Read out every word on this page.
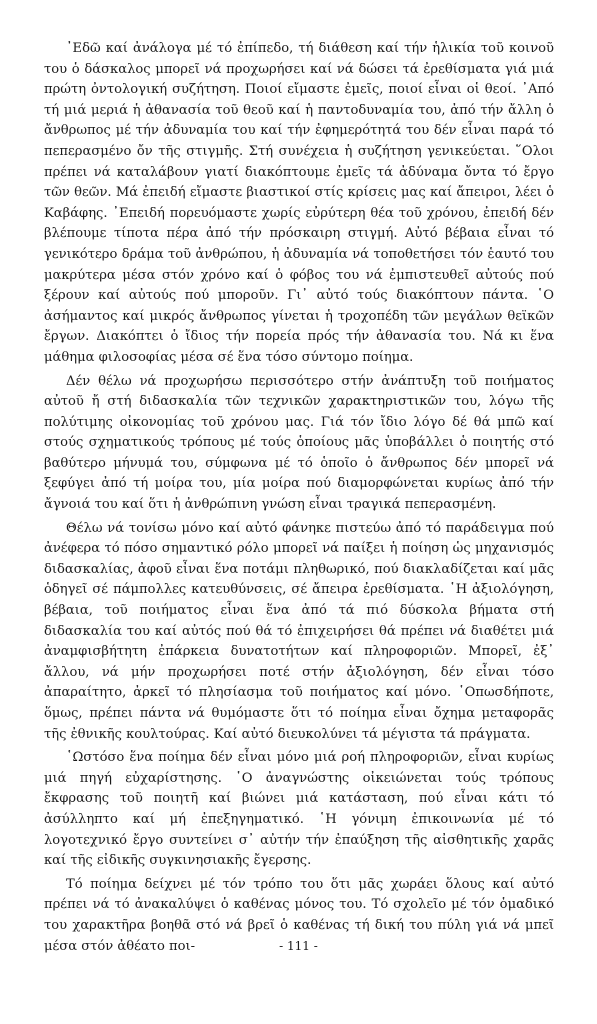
᾿Εδῶ καί ἀνάλογα μέ τό ἐπίπεδο, τή διάθεση καί τήν ἡλικία τοῦ κοινοῦ του ὁ δάσκαλος μπορεῖ νά προχωρήσει καί νά δώσει τά ἐρεθίσματα γιά μιά πρώτη ὀντολογική συζήτηση. Ποιοί εἴμαστε ἐμεῖς, ποιοί εἶναι οἱ θεοί. ᾿Από τή μιά μεριά ἡ ἀθανασία τοῦ θεοῦ καί ἡ παντοδυναμία του, ἀπό τήν ἄλλη ὁ ἄνθρωπος μέ τήν ἀδυναμία του καί τήν ἐφημερότητά του δέν εἶναι παρά τό πεπερασμένο ὄν τῆς στιγμῆς. Στή συνέχεια ἡ συζήτηση γενικεύεται. ῞Ολοι πρέπει νά καταλάβουν γιατί διακόπτουμε ἐμεῖς τά ἀδύναμα ὄντα τό ἔργο τῶν θεῶν. Μά ἐπειδή εἴμαστε βιαστικοί στίς κρίσεις μας καί ἄπειροι, λέει ὁ Καβάφης. ᾿Επειδή πορευόμαστε χωρίς εὐρύτερη θέα τοῦ χρόνου, ἐπειδή δέν βλέπουμε τίποτα πέρα ἀπό τήν πρόσκαιρη στιγμή. Αὐτό βέβαια εἶναι τό γενικότερο δράμα τοῦ ἀνθρώπου, ἡ ἀδυναμία νά τοποθετήσει τόν ἑαυτό του μακρύτερα μέσα στόν χρόνο καί ὁ φόβος του νά ἐμπιστευθεῖ αὐτούς πού ξέρουν καί αὐτούς πού μποροῦν. Γι᾿ αὐτό τούς διακόπτουν πάντα. ῾Ο ἀσήμαντος καί μικρός ἄνθρωπος γίνεται ἡ τροχοπέδη τῶν μεγάλων θεϊκῶν ἔργων. Διακόπτει ὁ ἴδιος τήν πορεία πρός τήν ἀθανασία του. Νά κι ἕνα μάθημα φιλοσοφίας μέσα σέ ἕνα τόσο σύντομο ποίημα.

Δέν θέλω νά προχωρήσω περισσότερο στήν ἀνάπτυξη τοῦ ποιήματος αὐτοῦ ἤ στή διδασκαλία τῶν τεχνικῶν χαρακτηριστικῶν του, λόγω τῆς πολύτιμης οἰκονομίας τοῦ χρόνου μας. Γιά τόν ἴδιο λόγο δέ θά μπῶ καί στούς σχηματικούς τρόπους μέ τούς ὁποίους μᾶς ὑποβάλλει ὁ ποιητής στό βαθύτερο μήνυμά του, σύμφωνα μέ τό ὁποῖο ὁ ἄνθρωπος δέν μπορεῖ νά ξεφύγει ἀπό τή μοίρα του, μία μοίρα πού διαμορφώνεται κυρίως ἀπό τήν ἄγνοιά του καί ὅτι ἡ ἀνθρώπινη γνώση εἶναι τραγικά πεπερασμένη.

Θέλω νά τονίσω μόνο καί αὐτό φάνηκε πιστεύω ἀπό τό παράδειγμα πού ἀνέφερα τό πόσο σημαντικό ρόλο μπορεῖ νά παίξει ἡ ποίηση ὡς μηχανισμός διδασκαλίας, ἀφοῦ εἶναι ἕνα ποτάμι πληθωρικό, πού διακλαδίζεται καί μᾶς ὁδηγεῖ σέ πάμπολλες κατευθύνσεις, σέ ἄπειρα ἐρεθίσματα. ῾Η ἀξιολόγηση, βέβαια, τοῦ ποιήματος εἶναι ἕνα ἀπό τά πιό δύσκολα βήματα στή διδασκαλία του καί αὐτός πού θά τό ἐπιχειρήσει θά πρέπει νά διαθέτει μιά ἀναμφισβήτητη ἐπάρκεια δυνατοτήτων καί πληροφοριῶν. Μπορεῖ, ἐξ᾿ ἄλλου, νά μήν προχωρήσει ποτέ στήν ἀξιολόγηση, δέν εἶναι τόσο ἀπαραίτητο, ἀρκεῖ τό πλησίασμα τοῦ ποιήματος καί μόνο. ῾Οπωσδήποτε, ὅμως, πρέπει πάντα νά θυμόμαστε ὅτι τό ποίημα εἶναι ὄχημα μεταφορᾶς τῆς ἐθνικῆς κουλτούρας. Καί αὐτό διευκολύνει τά μέγιστα τά πράγματα.

῾Ωστόσο ἕνα ποίημα δέν εἶναι μόνο μιά ροή πληροφοριῶν, εἶναι κυρίως μιά πηγή εὐχαρίστησης. ῾Ο ἀναγνώστης οἰκειώνεται τούς τρόπους ἔκφρασης τοῦ ποιητῆ καί βιώνει μιά κατάσταση, πού εἶναι κάτι τό ἀσύλληπτο καί μή ἐπεξηγηματικό. ῾Η γόνιμη ἐπικοινωνία μέ τό λογοτεχνικό ἔργο συντείνει σ᾿ αὐτήν τήν ἐπαύξηση τῆς αἰσθητικῆς χαρᾶς καί τῆς εἰδικῆς συγκινησιακῆς ἔγερσης.

Τό ποίημα δείχνει μέ τόν τρόπο του ὅτι μᾶς χωράει ὅλους καί αὐτό πρέπει νά τό ἀνακαλύψει ὁ καθένας μόνος του. Τό σχολεῖο μέ τόν ὁμαδικό του χαρακτῆρα βοηθᾶ στό νά βρεῖ ὁ καθένας τή δική του πύλη γιά νά μπεῖ μέσα στόν ἀθέατο ποι-	- 111 -
